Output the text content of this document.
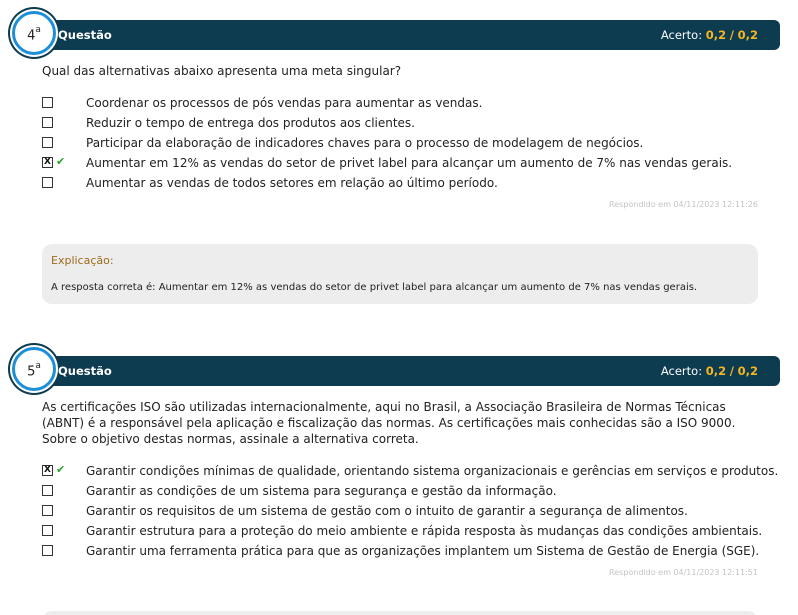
4$^a$	Questão	Acerto: 0,2 / 0,2
Qual das alternativas abaixo apresenta uma meta singular?
Coordenar os processos de pós vendas para aumentar as vendas.
Reduzir o tempo de entrega dos produtos aos clientes.
Participar da elaboração de indicadores chaves para o processo de modelagem de negócios.
X ✔ Aumentar em 12% as vendas do setor de privet label para alcançar um aumento de 7% nas vendas gerais.
Aumentar as vendas de todos setores em relação ao último período.
Respondido em 04/11/2023 12:11:26
Explicação:
A resposta correta é: Aumentar em 12% as vendas do setor de privet label para alcançar um aumento de 7% nas vendas gerais.
5$^a$	Questão	Acerto: 0,2 / 0,2
As certificações ISO são utilizadas internacionalmente, aqui no Brasil, a Associação Brasileira de Normas Técnicas (ABNT) é a responsável pela aplicação e fiscalização das normas. As certificações mais conhecidas são a ISO 9000. Sobre o objetivo destas normas, assinale a alternativa correta.
X ✔ Garantir condições mínimas de qualidade, orientando sistema organizacionais e gerências em serviços e produtos.
Garantir as condições de um sistema para segurança e gestão da informação.
Garantir os requisitos de um sistema de gestão com o intuito de garantir a segurança de alimentos.
Garantir estrutura para a proteção do meio ambiente e rápida resposta às mudanças das condições ambientais.
Garantir uma ferramenta prática para que as organizações implantem um Sistema de Gestão de Energia (SGE).
Respondido em 04/11/2023 12:11:51
